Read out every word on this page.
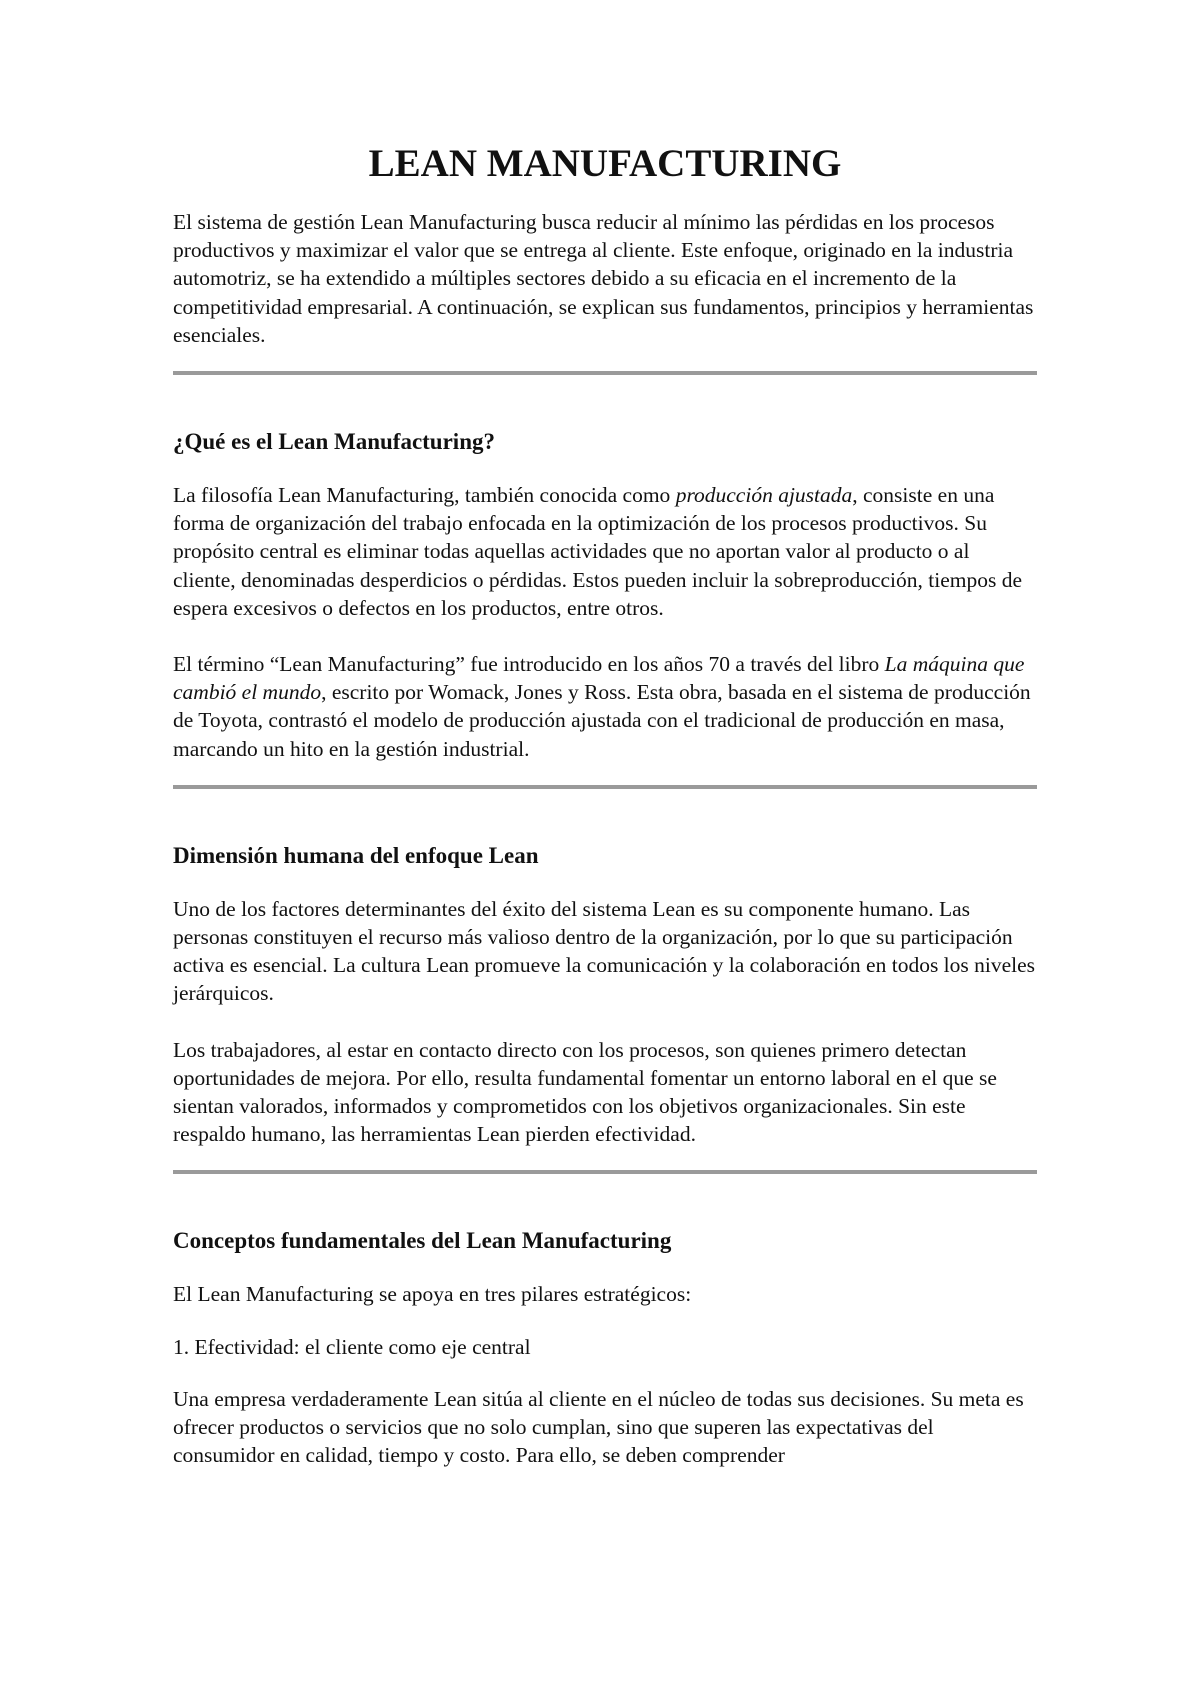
LEAN MANUFACTURING

El sistema de gestión Lean Manufacturing busca reducir al mínimo las pérdidas en los procesos productivos y maximizar el valor que se entrega al cliente. Este enfoque, originado en la industria automotriz, se ha extendido a múltiples sectores debido a su eficacia en el incremento de la competitividad empresarial. A continuación, se explican sus fundamentos, principios y herramientas esenciales.

¿Qué es el Lean Manufacturing?

La filosofía Lean Manufacturing, también conocida como producción ajustada, consiste en una forma de organización del trabajo enfocada en la optimización de los procesos productivos. Su propósito central es eliminar todas aquellas actividades que no aportan valor al producto o al cliente, denominadas desperdicios o pérdidas. Estos pueden incluir la sobreproducción, tiempos de espera excesivos o defectos en los productos, entre otros.

El término “Lean Manufacturing” fue introducido en los años 70 a través del libro La máquina que cambió el mundo, escrito por Womack, Jones y Ross. Esta obra, basada en el sistema de producción de Toyota, contrastó el modelo de producción ajustada con el tradicional de producción en masa, marcando un hito en la gestión industrial.

Dimensión humana del enfoque Lean

Uno de los factores determinantes del éxito del sistema Lean es su componente humano. Las personas constituyen el recurso más valioso dentro de la organización, por lo que su participación activa es esencial. La cultura Lean promueve la comunicación y la colaboración en todos los niveles jerárquicos.

Los trabajadores, al estar en contacto directo con los procesos, son quienes primero detectan oportunidades de mejora. Por ello, resulta fundamental fomentar un entorno laboral en el que se sientan valorados, informados y comprometidos con los objetivos organizacionales. Sin este respaldo humano, las herramientas Lean pierden efectividad.

Conceptos fundamentales del Lean Manufacturing

El Lean Manufacturing se apoya en tres pilares estratégicos:

1. Efectividad: el cliente como eje central

Una empresa verdaderamente Lean sitúa al cliente en el núcleo de todas sus decisiones. Su meta es ofrecer productos o servicios que no solo cumplan, sino que superen las expectativas del consumidor en calidad, tiempo y costo. Para ello, se deben comprender
